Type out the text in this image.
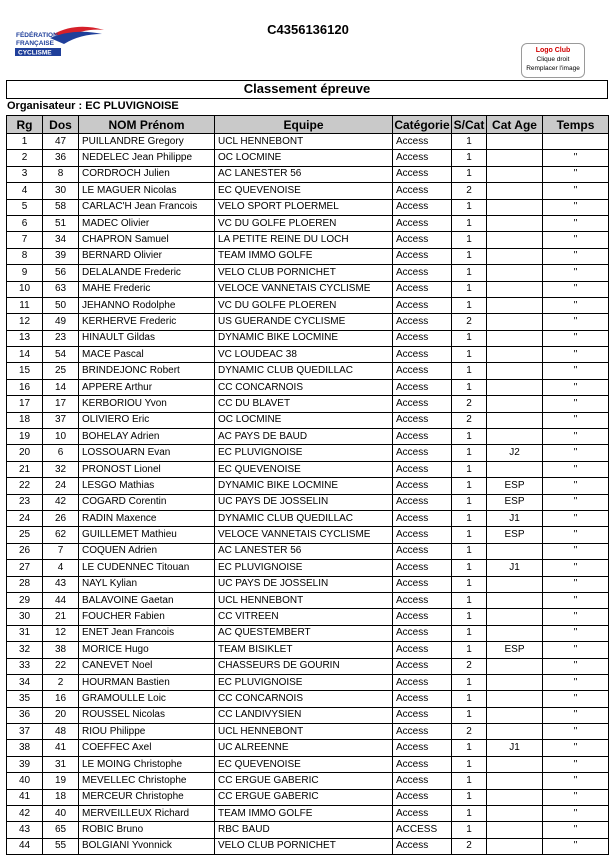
FÉDÉRATION
FRANÇAISE
CYCLISME
C4356136120
Logo Club
Clique droit
Remplacer l'image
Classement épreuve
Organisateur : EC PLUVIGNOISE
Rg	Dos	NOM Prénom	Equipe	Catégorie	S/Cat	Cat Age	Temps
1	47	PUILLANDRE Gregory	UCL HENNEBONT	Access	1		
2	36	NEDELEC Jean Philippe	OC LOCMINE	Access	1		"
3	8	CORDROCH Julien	AC LANESTER 56	Access	1		"
4	30	LE MAGUER Nicolas	EC QUEVENOISE	Access	2		"
5	58	CARLAC'H Jean Francois	VELO SPORT PLOERMEL	Access	1		"
6	51	MADEC Olivier	VC DU GOLFE PLOEREN	Access	1		"
7	34	CHAPRON Samuel	LA PETITE REINE DU LOCH	Access	1		"
8	39	BERNARD Olivier	TEAM IMMO GOLFE	Access	1		"
9	56	DELALANDE Frederic	VELO CLUB PORNICHET	Access	1		"
10	63	MAHE Frederic	VELOCE VANNETAIS CYCLISME	Access	1		"
11	50	JEHANNO Rodolphe	VC DU GOLFE PLOEREN	Access	1		"
12	49	KERHERVE Frederic	US GUERANDE CYCLISME	Access	2		"
13	23	HINAULT Gildas	DYNAMIC BIKE LOCMINE	Access	1		"
14	54	MACE Pascal	VC LOUDEAC 38	Access	1		"
15	25	BRINDEJONC Robert	DYNAMIC CLUB QUEDILLAC	Access	1		"
16	14	APPERE Arthur	CC CONCARNOIS	Access	1		"
17	17	KERBORIOU Yvon	CC DU BLAVET	Access	2		"
18	37	OLIVIERO Eric	OC LOCMINE	Access	2		"
19	10	BOHELAY Adrien	AC PAYS DE BAUD	Access	1		"
20	6	LOSSOUARN Evan	EC PLUVIGNOISE	Access	1	J2	"
21	32	PRONOST Lionel	EC QUEVENOISE	Access	1		"
22	24	LESGO Mathias	DYNAMIC BIKE LOCMINE	Access	1	ESP	"
23	42	COGARD Corentin	UC PAYS DE JOSSELIN	Access	1	ESP	"
24	26	RADIN Maxence	DYNAMIC CLUB QUEDILLAC	Access	1	J1	"
25	62	GUILLEMET Mathieu	VELOCE VANNETAIS CYCLISME	Access	1	ESP	"
26	7	COQUEN Adrien	AC LANESTER 56	Access	1		"
27	4	LE CUDENNEC Titouan	EC PLUVIGNOISE	Access	1	J1	"
28	43	NAYL Kylian	UC PAYS DE JOSSELIN	Access	1		"
29	44	BALAVOINE Gaetan	UCL HENNEBONT	Access	1		"
30	21	FOUCHER Fabien	CC VITREEN	Access	1		"
31	12	ENET Jean Francois	AC QUESTEMBERT	Access	1		"
32	38	MORICE Hugo	TEAM BISIKLET	Access	1	ESP	"
33	22	CANEVET Noel	CHASSEURS DE GOURIN	Access	2		"
34	2	HOURMAN Bastien	EC PLUVIGNOISE	Access	1		"
35	16	GRAMOULLE Loic	CC CONCARNOIS	Access	1		"
36	20	ROUSSEL Nicolas	CC LANDIVYSIEN	Access	1		"
37	48	RIOU Philippe	UCL HENNEBONT	Access	2		"
38	41	COEFFEC Axel	UC ALREENNE	Access	1	J1	"
39	31	LE MOING Christophe	EC QUEVENOISE	Access	1		"
40	19	MEVELLEC Christophe	CC ERGUE GABERIC	Access	1		"
41	18	MERCEUR Christophe	CC ERGUE GABERIC	Access	1		"
42	40	MERVEILLEUX Richard	TEAM IMMO GOLFE	Access	1		"
43	65	ROBIC Bruno	RBC BAUD	ACCESS	1		"
44	55	BOLGIANI Yvonnick	VELO CLUB PORNICHET	Access	2		"
